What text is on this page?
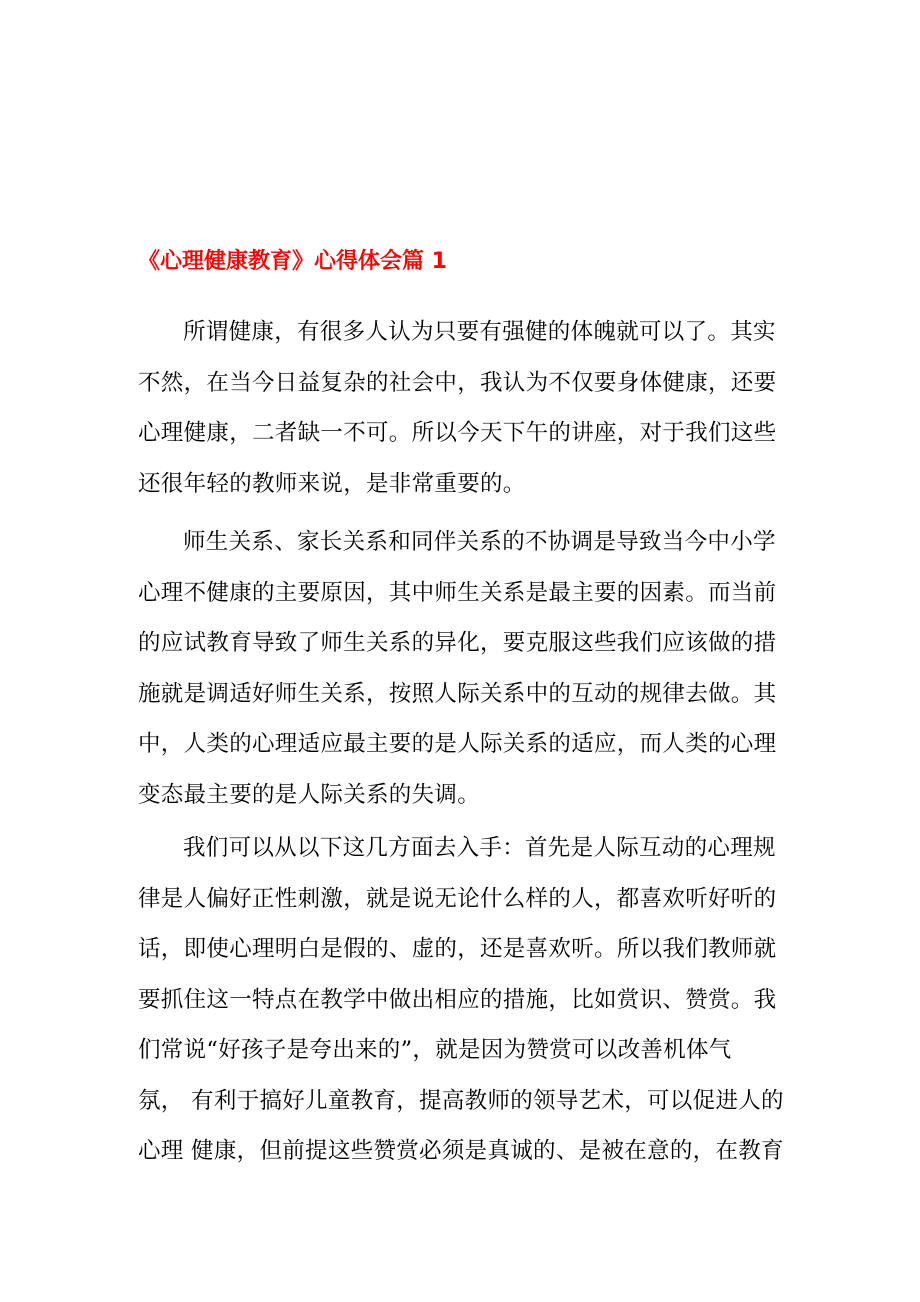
《心理健康教育》心得体会篇 1
所谓健康，有很多人认为只要有强健的体魄就可以了。其实
不然，在当今日益复杂的社会中，我认为不仅要身体健康，还要
心理健康，二者缺一不可。所以今天下午的讲座，对于我们这些
还很年轻的教师来说，是非常重要的。
师生关系、家长关系和同伴关系的不协调是导致当今中小学
心理不健康的主要原因，其中师生关系是最主要的因素。而当前
的应试教育导致了师生关系的异化，要克服这些我们应该做的措
施就是调适好师生关系，按照人际关系中的互动的规律去做。其
中，人类的心理适应最主要的是人际关系的适应，而人类的心理
变态最主要的是人际关系的失调。
我们可以从以下这几方面去入手：首先是人际互动的心理规
律是人偏好正性刺激，就是说无论什么样的人，都喜欢听好听的
话，即使心理明白是假的、虚的，还是喜欢听。所以我们教师就
要抓住这一特点在教学中做出相应的措施，比如赏识、赞赏。我
们常说“好孩子是夸出来的”，就是因为赞赏可以改善机体气
氛， 有利于搞好儿童教育，提高教师的领导艺术，可以促进人的
心理 健康，但前提这些赞赏必须是真诚的、是被在意的，在教育
